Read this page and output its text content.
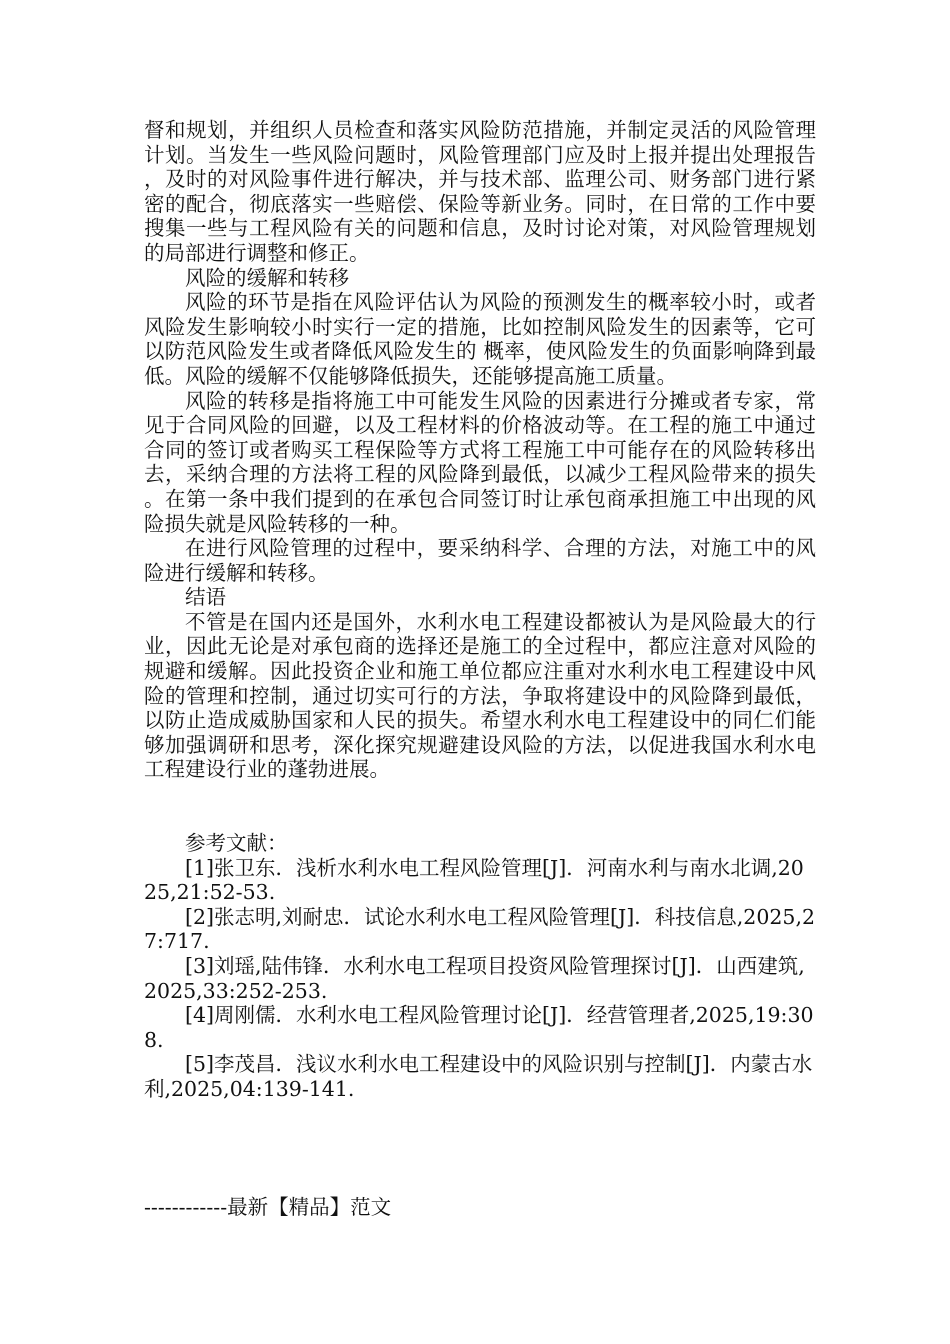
督和规划，并组织人员检查和落实风险防范措施，并制定灵活的风险管理计划。当发生一些风险问题时，风险管理部门应及时上报并提出处理报告，及时的对风险事件进行解决，并与技术部、监理公司、财务部门进行紧密的配合，彻底落实一些赔偿、保险等新业务。同时，在日常的工作中要搜集一些与工程风险有关的问题和信息，及时讨论对策，对风险管理规划的局部进行调整和修正。

风险的缓解和转移

风险的环节是指在风险评估认为风险的预测发生的概率较小时，或者风险发生影响较小时实行一定的措施，比如控制风险发生的因素等，它可以防范风险发生或者降低风险发生的 概率，使风险发生的负面影响降到最低。风险的缓解不仅能够降低损失，还能够提高施工质量。

风险的转移是指将施工中可能发生风险的因素进行分摊或者专家，常见于合同风险的回避，以及工程材料的价格波动等。在工程的施工中通过合同的签订或者购买工程保险等方式将工程施工中可能存在的风险转移出去，采纳合理的方法将工程的风险降到最低，以减少工程风险带来的损失。在第一条中我们提到的在承包合同签订时让承包商承担施工中出现的风险损失就是风险转移的一种。

在进行风险管理的过程中，要采纳科学、合理的方法，对施工中的风险进行缓解和转移。

结语

不管是在国内还是国外，水利水电工程建设都被认为是风险最大的行业，因此无论是对承包商的选择还是施工的全过程中，都应注意对风险的规避和缓解。因此投资企业和施工单位都应注重对水利水电工程建设中风险的管理和控制，通过切实可行的方法，争取将建设中的风险降到最低，以防止造成威胁国家和人民的损失。希望水利水电工程建设中的同仁们能够加强调研和思考，深化探究规避建设风险的方法，以促进我国水利水电工程建设行业的蓬勃进展。

参考文献：

[1]张卫东．浅析水利水电工程风险管理[J]．河南水利与南水北调,2025,21:52-53.

[2]张志明,刘耐忠．试论水利水电工程风险管理[J]．科技信息,2025,27:717.

[3]刘瑶,陆伟锋．水利水电工程项目投资风险管理探讨[J]．山西建筑,2025,33:252-253.

[4]周刚儒．水利水电工程风险管理讨论[J]．经营管理者,2025,19:308.

[5]李茂昌．浅议水利水电工程建设中的风险识别与控制[J]．内蒙古水利,2025,04:139-141.

------------最新【精品】范文
